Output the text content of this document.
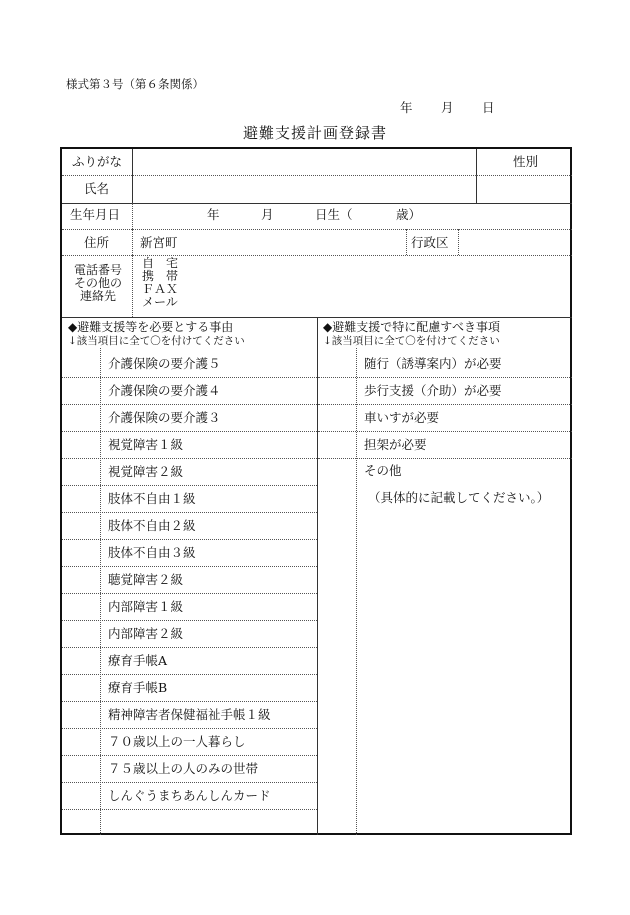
様式第３号（第６条関係）
年 月 日
避難支援計画登録書
ふりがな	性別
氏名
生年月日	年	月	日生（	歳）
住所 新宮町	行政区
電話番号
その他の
連絡先
自　宅
携　帯
ＦＡＸ
メール
◆避難支援等を必要とする事由
↓該当項目に全て〇を付けてください
◆避難支援で特に配慮すべき事項
↓該当項目に全て〇を付けてください
介護保険の要介護５
介護保険の要介護４
介護保険の要介護３
視覚障害１級
視覚障害２級
肢体不自由１級
肢体不自由２級
肢体不自由３級
聴覚障害２級
内部障害１級
内部障害２級
療育手帳A
療育手帳B
精神障害者保健福祉手帳１級
７０歳以上の一人暮らし
７５歳以上の人のみの世帯
しんぐうまちあんしんカード
随行（誘導案内）が必要
歩行支援（介助）が必要
車いすが必要
担架が必要
その他
（具体的に記載してください。）
